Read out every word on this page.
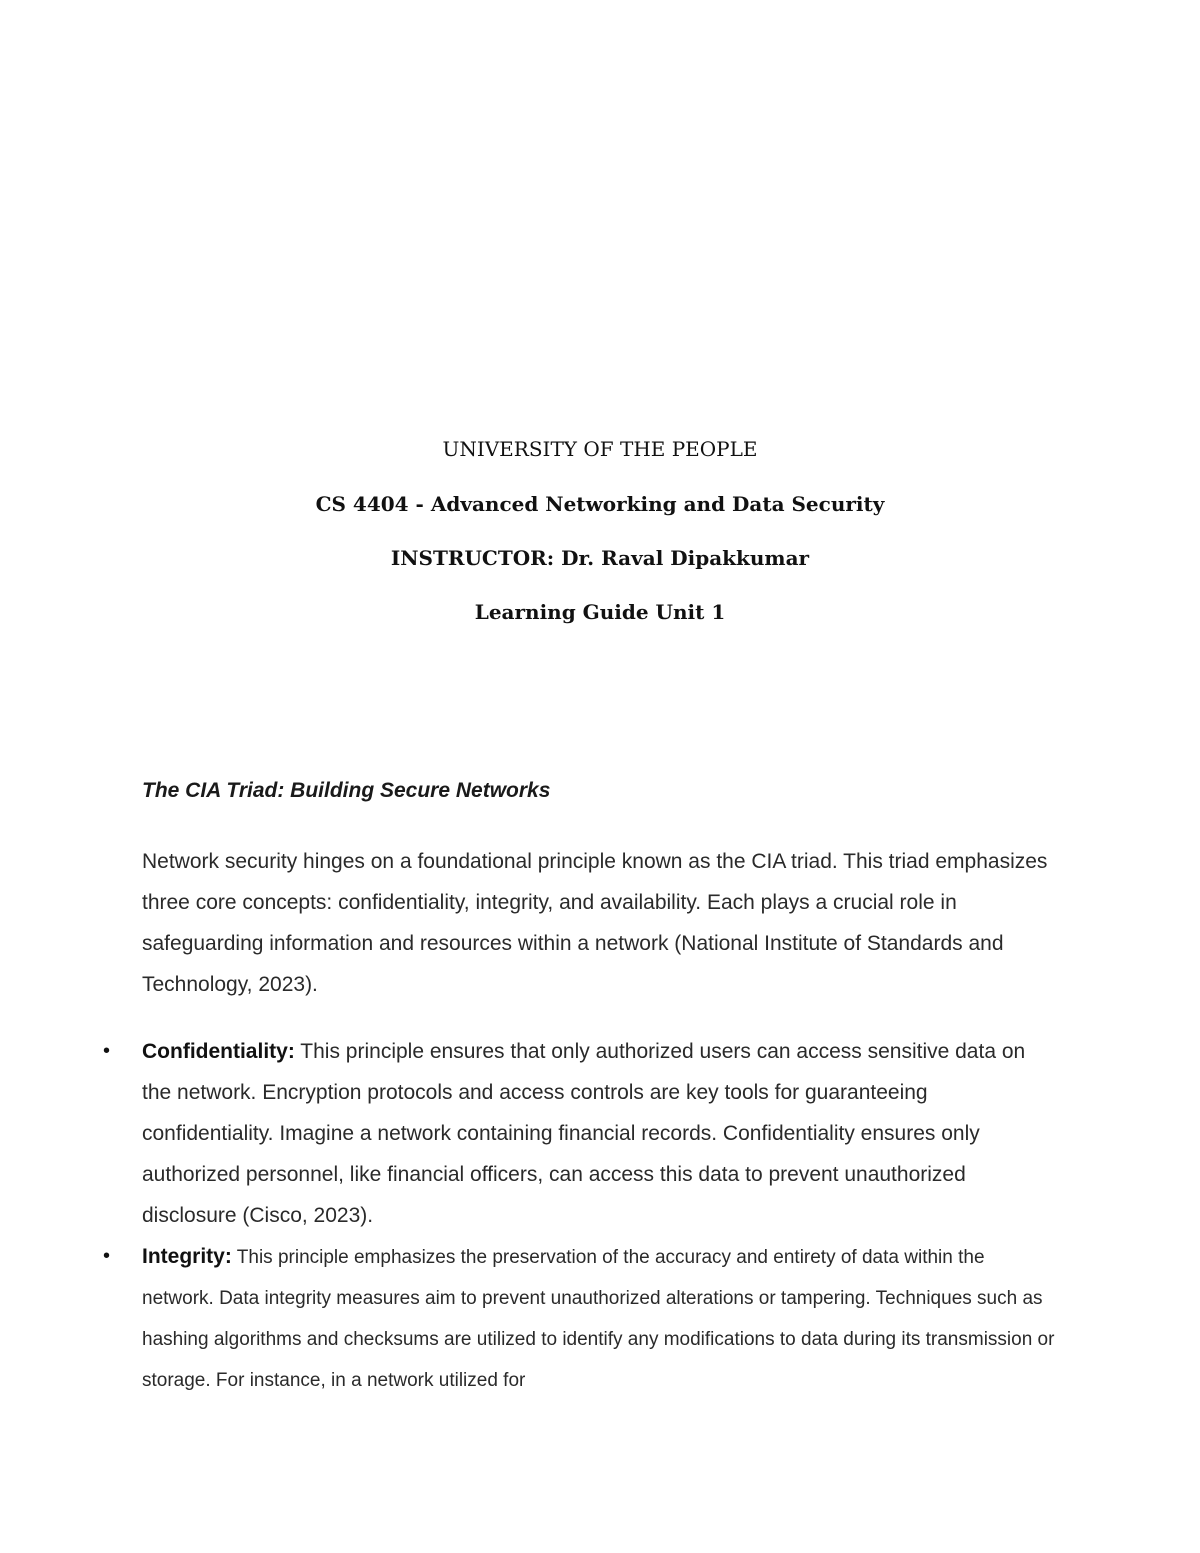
UNIVERSITY OF THE PEOPLE
CS 4404 - Advanced Networking and Data Security
INSTRUCTOR: Dr. Raval Dipakkumar
Learning Guide Unit 1
The CIA Triad: Building Secure Networks

Network security hinges on a foundational principle known as the CIA triad. This triad emphasizes three core concepts: confidentiality, integrity, and availability. Each plays a crucial role in safeguarding information and resources within a network (National Institute of Standards and Technology, 2023).

• Confidentiality: This principle ensures that only authorized users can access sensitive data on the network. Encryption protocols and access controls are key tools for guaranteeing confidentiality. Imagine a network containing financial records. Confidentiality ensures only authorized personnel, like financial officers, can access this data to prevent unauthorized disclosure (Cisco, 2023).
• Integrity: This principle emphasizes the preservation of the accuracy and entirety of data within the network. Data integrity measures aim to prevent unauthorized alterations or tampering. Techniques such as hashing algorithms and checksums are utilized to identify any modifications to data during its transmission or storage. For instance, in a network utilized for
